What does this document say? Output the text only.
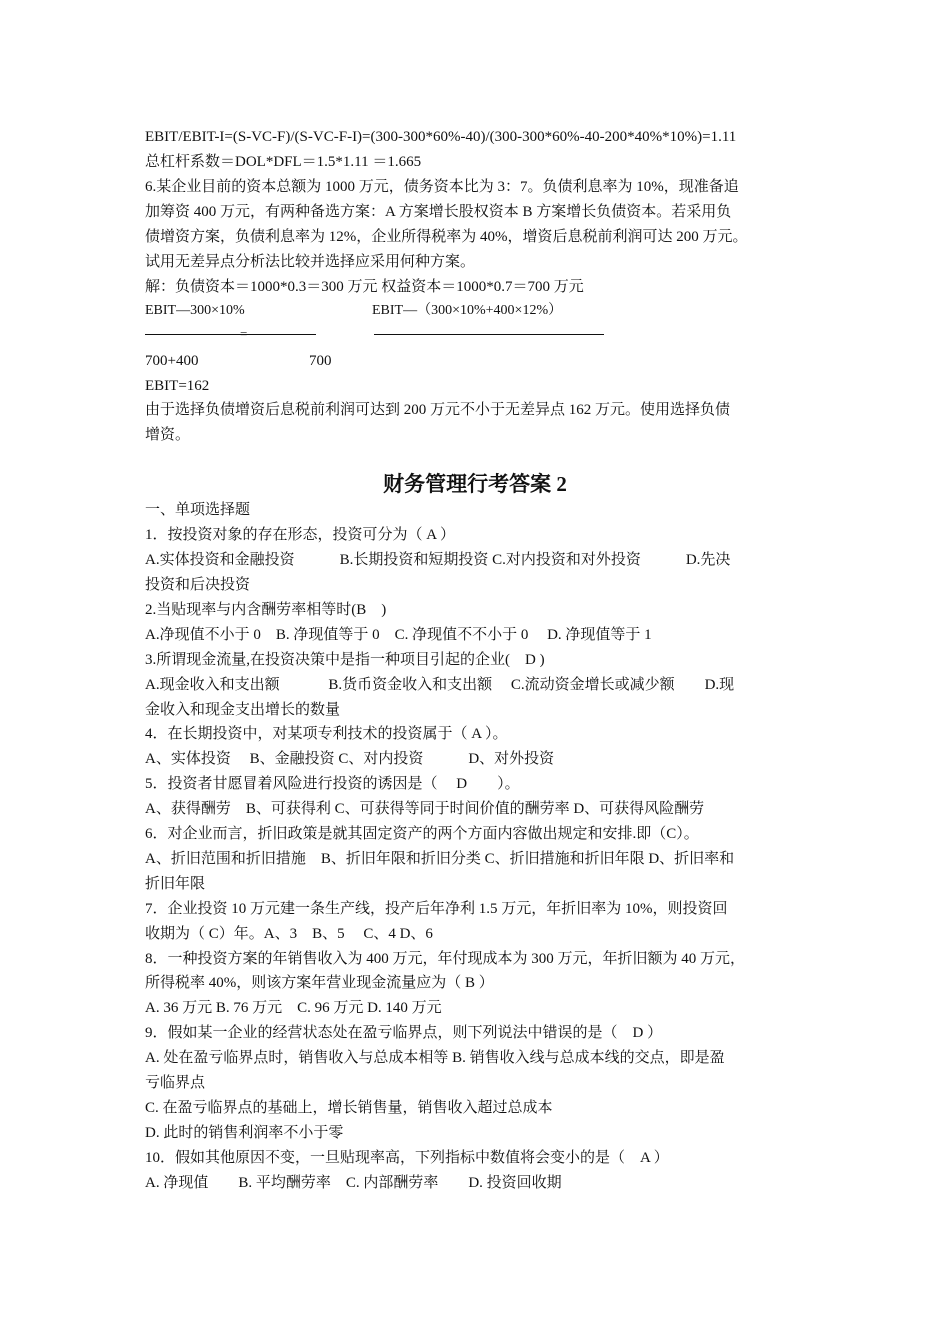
EBIT/EBIT-I=(S-VC-F)/(S-VC-F-I)=(300-300*60%-40)/(300-300*60%-40-200*40%*10%)=1.11
总杠杆系数＝DOL*DFL＝1.5*1.11 ＝1.665
6.某企业目前的资本总额为 1000 万元，债务资本比为 3：7。负债利息率为 10%，现准备追
加筹资 400 万元，有两种备选方案：A 方案增长股权资本 B 方案增长负债资本。若采用负
债增资方案，负债利息率为 12%，企业所得税率为 40%，增资后息税前利润可达 200 万元。
试用无差异点分析法比较并选择应采用何种方案。
解：负债资本＝1000*0.3＝300 万元 权益资本＝1000*0.7＝700 万元
EBIT—300×10%	EBIT—（300×10%+400×12%）
=
700+400	700
EBIT=162
由于选择负债增资后息税前利润可达到 200 万元不小于无差异点 162 万元。使用选择负债
增资。
财务管理行考答案 2
一、单项选择题
1．按投资对象的存在形态，投资可分为（ A ）
A.实体投资和金融投资　　　B.长期投资和短期投资 C.对内投资和对外投资　　　D.先决
投资和后决投资
2.当贴现率与内含酬劳率相等时(B　)
A.净现值不小于 0　B. 净现值等于 0　C. 净现值不不小于 0　 D. 净现值等于 1
3.所谓现金流量,在投资决策中是指一种项目引起的企业(　D )
A.现金收入和支出额　　　 B.货币资金收入和支出额　 C.流动资金增长或减少额　　D.现
金收入和现金支出增长的数量
4．在长期投资中，对某项专利技术的投资属于（ A ）。
A、实体投资　 B、金融投资 C、对内投资　　　D、对外投资
5．投资者甘愿冒着风险进行投资的诱因是（　 D　　）。
A、获得酬劳　B、可获得利 C、可获得等同于时间价值的酬劳率 D、可获得风险酬劳
6．对企业而言，折旧政策是就其固定资产的两个方面内容做出规定和安排.即（C）。
A、折旧范围和折旧措施　B、折旧年限和折旧分类 C、折旧措施和折旧年限 D、折旧率和
折旧年限
7．企业投资 10 万元建一条生产线，投产后年净利 1.5 万元，年折旧率为 10%，则投资回
收期为（ C）年。A、3　B、5　 C、4 D、6
8．一种投资方案的年销售收入为 400 万元，年付现成本为 300 万元，年折旧额为 40 万元，
所得税率 40%，则该方案年营业现金流量应为（ B ）
A. 36 万元 B. 76 万元　C. 96 万元 D. 140 万元
9．假如某一企业的经营状态处在盈亏临界点，则下列说法中错误的是（　D ）
A. 处在盈亏临界点时，销售收入与总成本相等 B. 销售收入线与总成本线的交点，即是盈
亏临界点
C. 在盈亏临界点的基础上，增长销售量，销售收入超过总成本
D. 此时的销售利润率不小于零
10．假如其他原因不变，一旦贴现率高，下列指标中数值将会变小的是（　A ）
A. 净现值　　B. 平均酬劳率　C. 内部酬劳率　　D. 投资回收期
